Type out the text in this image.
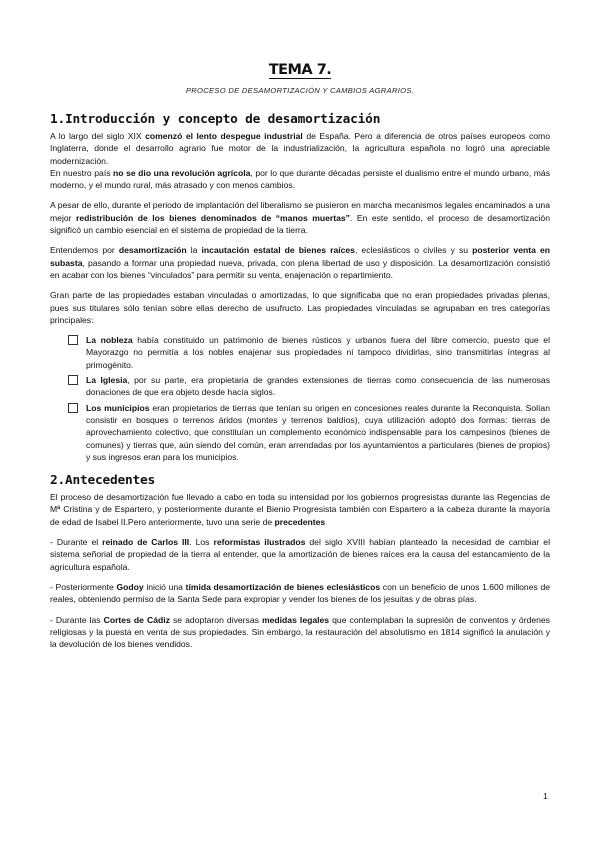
TEMA 7.
PROCESO DE DESAMORTIZACIÓN Y CAMBIOS AGRARIOS.
1.Introducción y concepto de desamortización

A lo largo del siglo XIX comenzó el lento despegue industrial de España. Pero a diferencia de otros países europeos como Inglaterra, donde el desarrollo agrario fue motor de la industrialización, la agricultura española no logró una apreciable modernización.

En nuestro país no se dio una revolución agrícola, por lo que durante décadas persiste el dualismo entre el mundo urbano, más moderno, y el mundo rural, más atrasado y con menos cambios.

A pesar de ello, durante el periodo de implantación del liberalismo se pusieron en marcha mecanismos legales encaminados a una mejor redistribución de los bienes denominados de “manos muertas”. En este sentido, el proceso de desamortización significó un cambio esencial en el sistema de propiedad de la tierra.

Entendemos por desamortización la incautación estatal de bienes raíces, eclesiásticos o civiles y su posterior venta en subasta, pasando a formar una propiedad nueva, privada, con plena libertad de uso y disposición. La desamortización consistió en acabar con los bienes “vinculados” para permitir su venta, enajenación o repartimiento.

Gran parte de las propiedades estaban vinculadas o amortizadas, lo que significaba que no eran propiedades privadas plenas, pues sus titulares sólo tenían sobre ellas derecho de usufructo. Las propiedades vinculadas se agrupaban en tres categorías principales:

La nobleza había constituido un patrimonio de bienes rústicos y urbanos fuera del libre comercio, puesto que el Mayorazgo no permitía a los nobles enajenar sus propiedades ni tampoco dividirlas, sino transmitirlas íntegras al primogénito.
La Iglesia, por su parte, era propietaria de grandes extensiones de tierras como consecuencia de las numerosas donaciones de que era objeto desde hacía siglos.
Los municipios eran propietarios de tierras que tenían su origen en concesiones reales durante la Reconquista. Solían consistir en bosques o terrenos áridos (montes y terrenos baldíos), cuya utilización adoptó dos formas: tierras de aprovechamiento colectivo, que constituían un complemento económico indispensable para los campesinos (bienes de comunes) y tierras que, aún siendo del común, eran arrendadas por los ayuntamientos a particulares (bienes de propios) y sus ingresos eran para los municipios.
2.Antecedentes

El proceso de desamortización fue llevado a cabo en toda su intensidad por los gobiernos progresistas durante las Regencias de Mª Cristina y de Espartero, y posteriormente durante el Bienio Progresista también con Espartero a la cabeza durante la mayoría de edad de Isabel II.Pero anteriormente, tuvo una serie de precedentes

- Durante el reinado de Carlos III. Los reformistas ilustrados del siglo XVIII habían planteado la necesidad de cambiar el sistema señorial de propiedad de la tierra al entender, que la amortización de bienes raíces era la causa del estancamiento de la agricultura española.

- Posteriormente Godoy inició una tímida desamortización de bienes eclesiásticos con un beneficio de unos 1.600 millones de reales, obteniendo permiso de la Santa Sede para expropiar y vender los bienes de los jesuitas y de obras pías.

- Durante las Cortes de Cádiz se adoptaron diversas medidas legales que contemplaban la supresión de conventos y órdenes religiosas y la puesta en venta de sus propiedades. Sin embargo, la restauración del absolutismo en 1814 significó la anulación y la devolución de los bienes vendidos.

1
